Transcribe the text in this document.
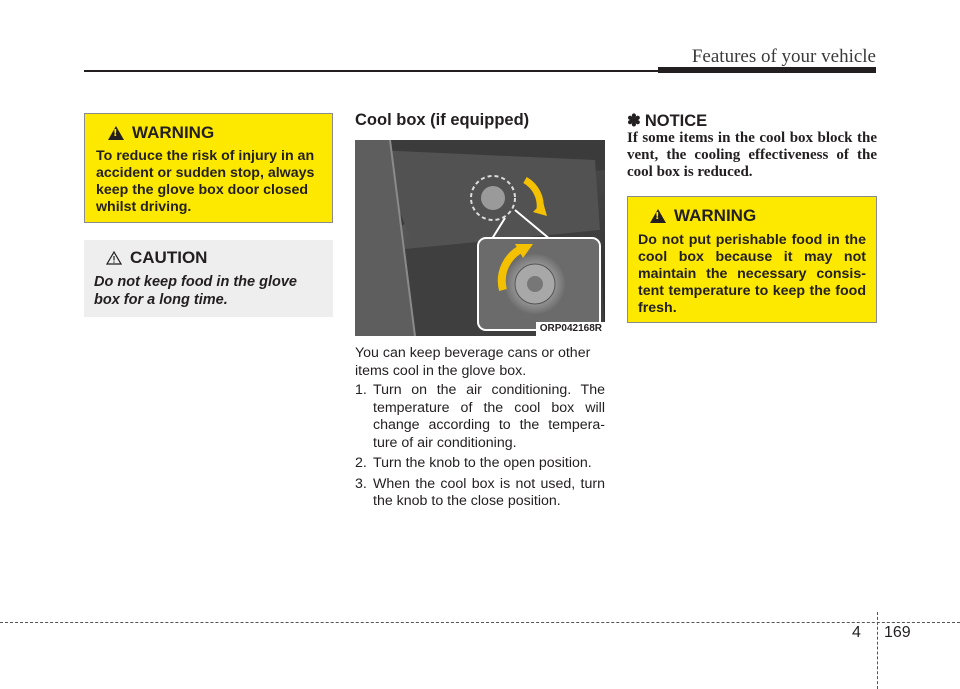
Features of your vehicle
!
WARNING
To reduce the risk of injury in an accident or sudden stop, always keep the glove box door closed whilst driving.
CAUTION
Do not keep food in the glove box for a long time.
Cool box (if equipped)
ORP042168R
You can keep beverage cans or other items cool in the glove box.
1. Turn on the air conditioning. The temperature of the cool box will change according to the tempera-ture of air conditioning.
2. Turn the knob to the open position.
3. When the cool box is not used, turn the knob to the close position.
✽ NOTICE
If some items in the cool box block the vent, the cooling effectiveness of the cool box is reduced.
!
WARNING
Do not put perishable food in the cool box because it may not maintain the necessary consis-tent temperature to keep the food fresh.
4 169
